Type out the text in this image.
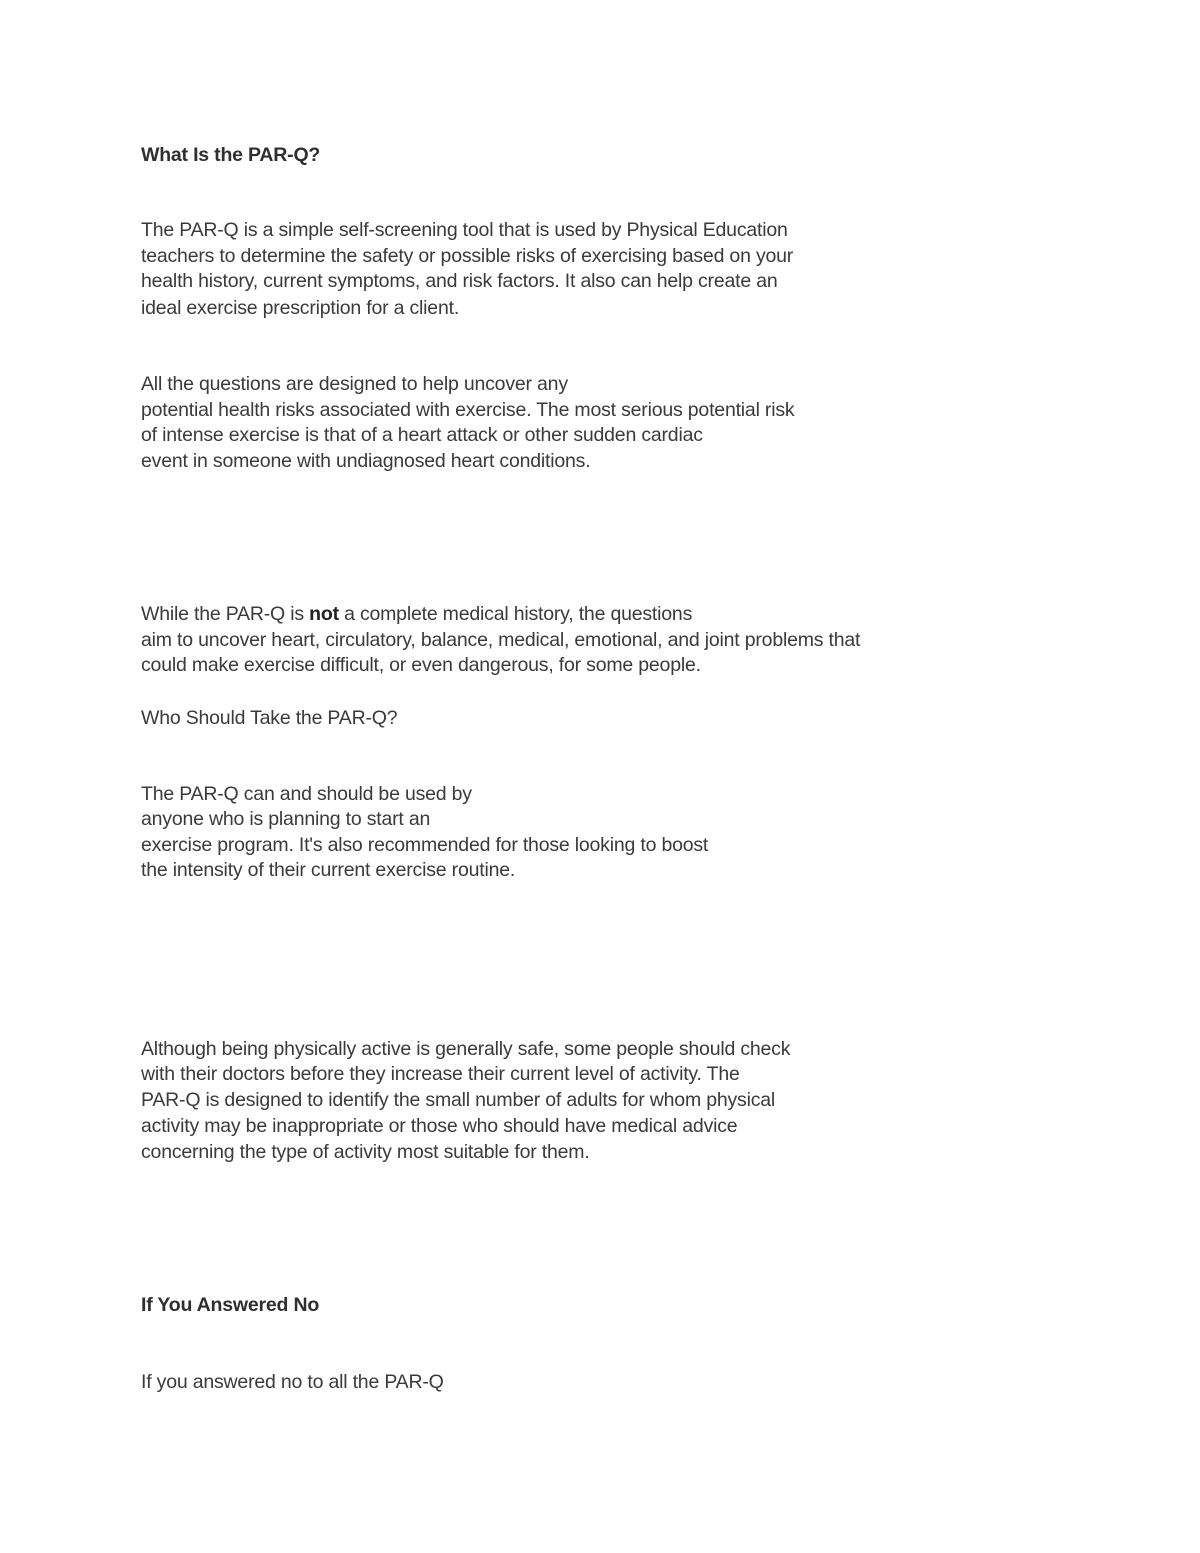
What Is the PAR-Q?
The PAR-Q is a simple self-screening tool that is used by Physical Education
teachers to determine the safety or possible risks of exercising based on your
health history, current symptoms, and risk factors. It also can help create an
ideal exercise prescription for a client.
All the questions are designed to help uncover any
potential health risks associated with exercise. The most serious potential risk
of intense exercise is that of a heart attack or other sudden cardiac
event in someone with undiagnosed heart conditions.
While the PAR-Q is not a complete medical history, the questions
aim to uncover heart, circulatory, balance, medical, emotional, and joint problems that
could make exercise difficult, or even dangerous, for some people.
Who Should Take the PAR-Q?
The PAR-Q can and should be used by
anyone who is planning to start an
exercise program. It's also recommended for those looking to boost
the intensity of their current exercise routine.
Although being physically active is generally safe, some people should check
with their doctors before they increase their current level of activity. The
PAR-Q is designed to identify the small number of adults for whom physical
activity may be inappropriate or those who should have medical advice
concerning the type of activity most suitable for them.
If You Answered No
If you answered no to all the PAR-Q
